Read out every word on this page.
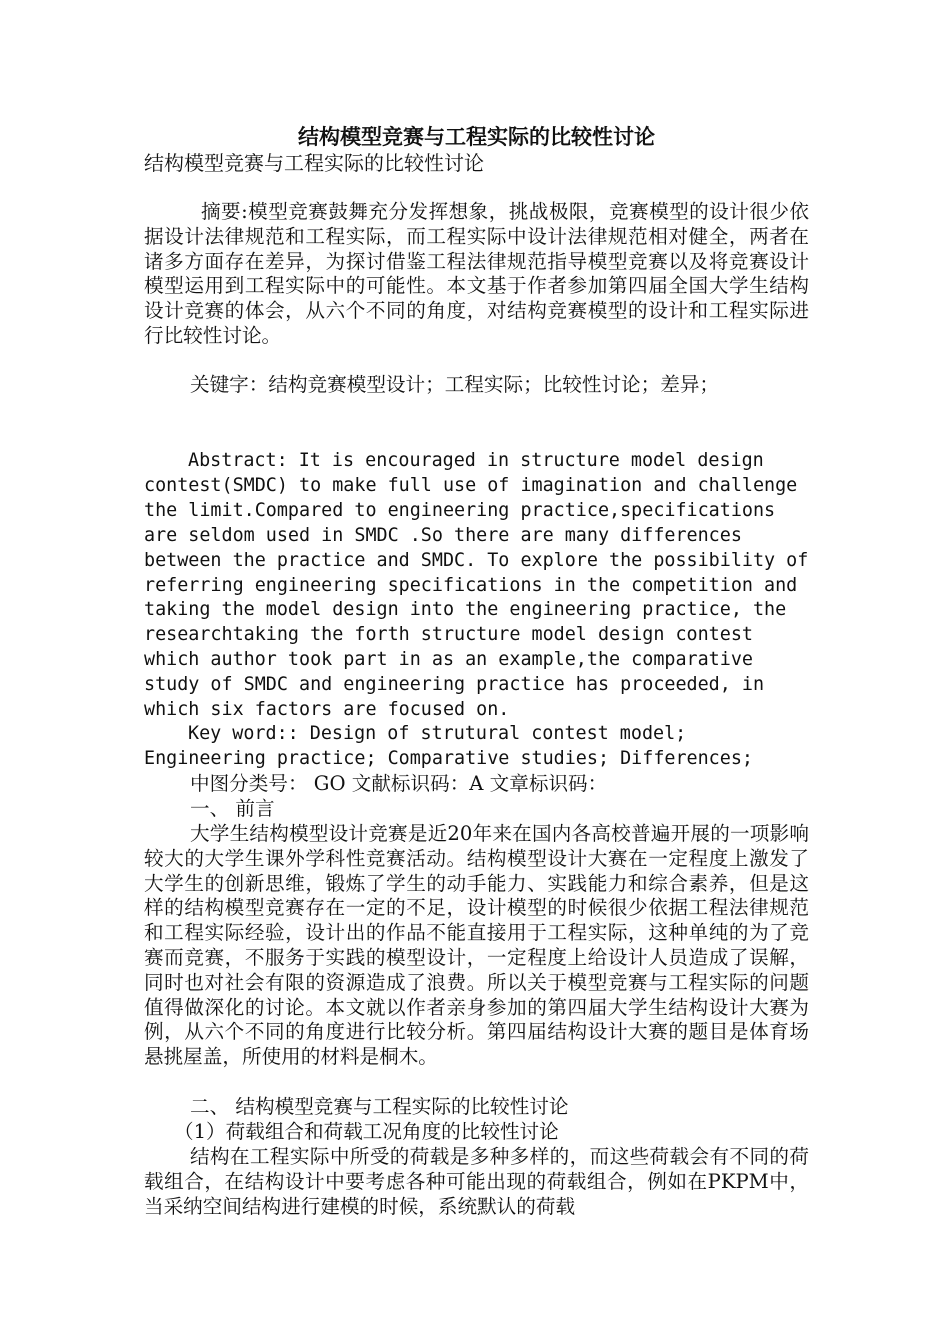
结构模型竞赛与工程实际的比较性讨论

结构模型竞赛与工程实际的比较性讨论

摘要:模型竞赛鼓舞充分发挥想象，挑战极限，竞赛模型的设计很少依据设计法律规范和工程实际，而工程实际中设计法律规范相对健全，两者在诸多方面存在差异，为探讨借鉴工程法律规范指导模型竞赛以及将竞赛设计模型运用到工程实际中的可能性。本文基于作者参加第四届全国大学生结构设计竞赛的体会，从六个不同的角度，对结构竞赛模型的设计和工程实际进行比较性讨论。

关键字：结构竞赛模型设计；工程实际；比较性讨论；差异；

Abstract: It is encouraged in structure model design contest(SMDC) to make full use of imagination and challenge the limit.Compared to engineering practice,specifications are seldom used in SMDC .So there are many differences between the practice and SMDC. To explore the possibility of referring engineering specifications in the competition and taking the model design into the engineering practice, the researchtaking the forth structure model design contest which author took part in as an example,the comparative study of SMDC and engineering practice has proceeded, in which six factors are focused on.

Key word:: Design of strutural contest model; Engineering practice; Comparative studies; Differences;

中图分类号： GO 文献标识码：A 文章标识码：

一、 前言

大学生结构模型设计竞赛是近20年来在国内各高校普遍开展的一项影响较大的大学生课外学科性竞赛活动。结构模型设计大赛在一定程度上激发了大学生的创新思维，锻炼了学生的动手能力、实践能力和综合素养，但是这样的结构模型竞赛存在一定的不足，设计模型的时候很少依据工程法律规范和工程实际经验，设计出的作品不能直接用于工程实际，这种单纯的为了竞赛而竞赛，不服务于实践的模型设计，一定程度上给设计人员造成了误解，同时也对社会有限的资源造成了浪费。所以关于模型竞赛与工程实际的问题值得做深化的讨论。本文就以作者亲身参加的第四届大学生结构设计大赛为例，从六个不同的角度进行比较分析。第四届结构设计大赛的题目是体育场悬挑屋盖，所使用的材料是桐木。

二、 结构模型竞赛与工程实际的比较性讨论

（1）荷载组合和荷载工况角度的比较性讨论

结构在工程实际中所受的荷载是多种多样的，而这些荷载会有不同的荷载组合，在结构设计中要考虑各种可能出现的荷载组合，例如在PKPM中，当采纳空间结构进行建模的时候，系统默认的荷载
